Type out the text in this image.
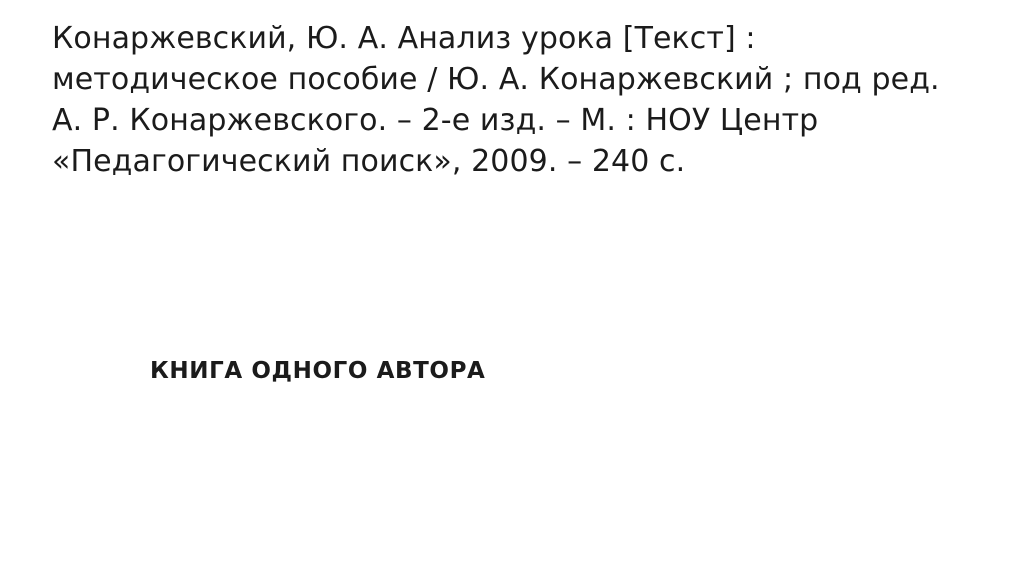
Конаржевский, Ю. А. Анализ урока [Текст] : методическое пособие / Ю. А. Конаржевский ; под ред. А. Р. Конаржевского. – 2-е изд. – М. : НОУ Центр «Педагогический поиск», 2009. – 240 с.
КНИГА ОДНОГО АВТОРА
